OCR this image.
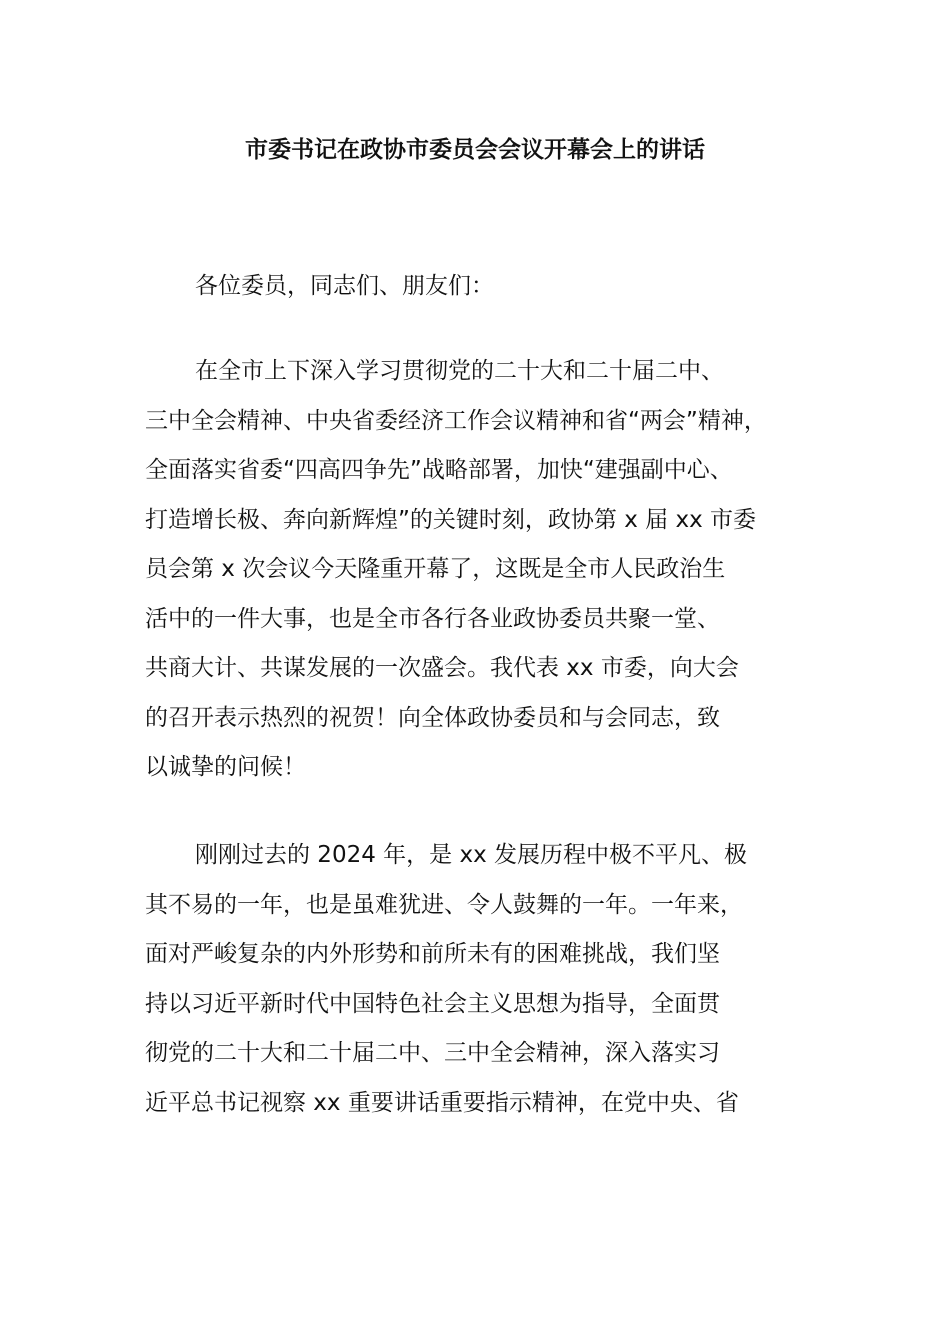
市委书记在政协市委员会会议开幕会上的讲话
各位委员，同志们、朋友们：
在全市上下深入学习贯彻党的二十大和二十届二中、
三中全会精神、中央省委经济工作会议精神和省“两会”精神，
全面落实省委“四高四争先”战略部署，加快“建强副中心、
打造增长极、奔向新辉煌”的关键时刻，政协第 x 届 xx 市委
员会第 x 次会议今天隆重开幕了，这既是全市人民政治生
活中的一件大事，也是全市各行各业政协委员共聚一堂、
共商大计、共谋发展的一次盛会。我代表 xx 市委，向大会
的召开表示热烈的祝贺！向全体政协委员和与会同志，致
以诚挚的问候！
刚刚过去的 2024 年，是 xx 发展历程中极不平凡、极
其不易的一年，也是虽难犹进、令人鼓舞的一年。一年来，
面对严峻复杂的内外形势和前所未有的困难挑战，我们坚
持以习近平新时代中国特色社会主义思想为指导，全面贯
彻党的二十大和二十届二中、三中全会精神，深入落实习
近平总书记视察 xx 重要讲话重要指示精神，在党中央、省
